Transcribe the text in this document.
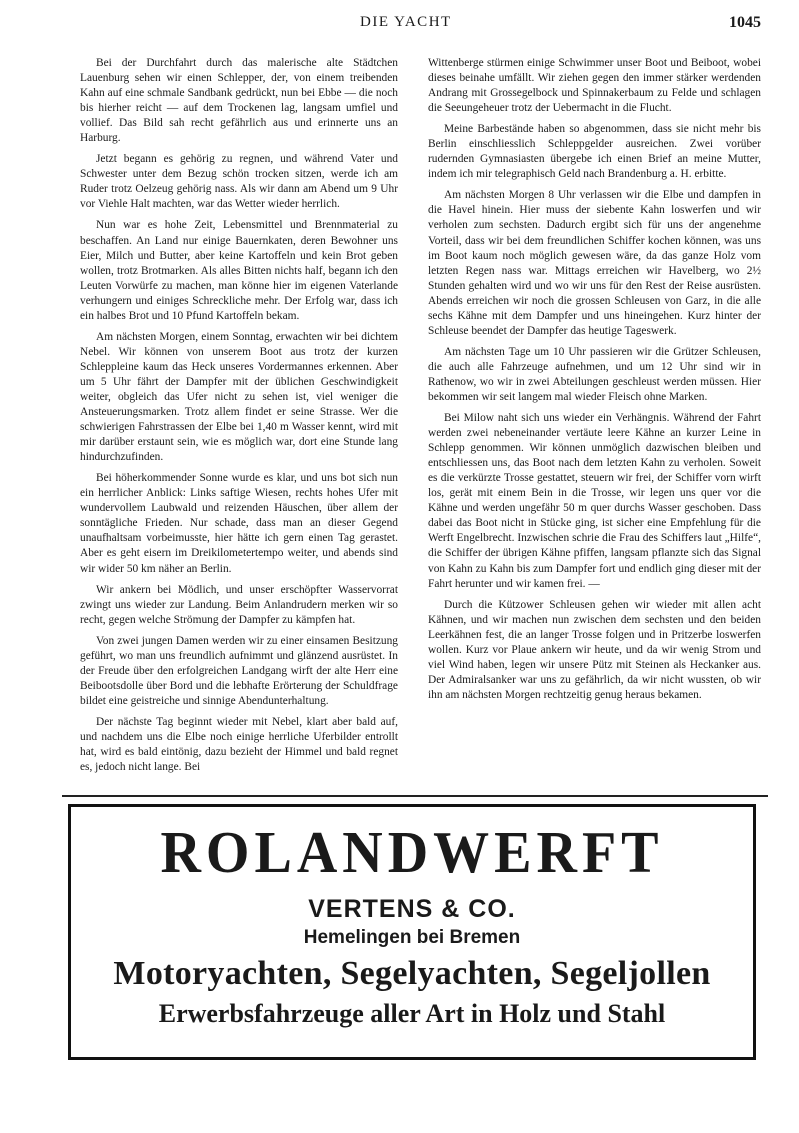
DIE YACHT	1045

Bei der Durchfahrt durch das malerische alte Städtchen Lauenburg sehen wir einen Schlepper, der, von einem treibenden Kahn auf eine schmale Sandbank gedrückt, nun bei Ebbe — die noch bis hierher reicht — auf dem Trockenen lag, langsam umfiel und vollief. Das Bild sah recht gefährlich aus und erinnerte uns an Harburg.

Jetzt begann es gehörig zu regnen, und während Vater und Schwester unter dem Bezug schön trocken sitzen, werde ich am Ruder trotz Oelzeug gehörig nass. Als wir dann am Abend um 9 Uhr vor Viehle Halt machten, war das Wetter wieder herrlich.

Nun war es hohe Zeit, Lebensmittel und Brennmaterial zu beschaffen. An Land nur einige Bauernkaten, deren Bewohner uns Eier, Milch und Butter, aber keine Kartoffeln und kein Brot geben wollen, trotz Brotmarken. Als alles Bitten nichts half, begann ich den Leuten Vorwürfe zu machen, man könne hier im eigenen Vaterlande verhungern und einiges Schreckliche mehr. Der Erfolg war, dass ich ein halbes Brot und 10 Pfund Kartoffeln bekam.

Am nächsten Morgen, einem Sonntag, erwachten wir bei dichtem Nebel. Wir können von unserem Boot aus trotz der kurzen Schleppleine kaum das Heck unseres Vordermannes erkennen. Aber um 5 Uhr fährt der Dampfer mit der üblichen Geschwindigkeit weiter, obgleich das Ufer nicht zu sehen ist, viel weniger die Ansteuerungsmarken. Trotz allem findet er seine Strasse. Wer die schwierigen Fahrstrassen der Elbe bei 1,40 m Wasser kennt, wird mit mir darüber erstaunt sein, wie es möglich war, dort eine Stunde lang hindurchzufinden.

Bei höherkommender Sonne wurde es klar, und uns bot sich nun ein herrlicher Anblick: Links saftige Wiesen, rechts hohes Ufer mit wundervollem Laubwald und reizenden Häuschen, über allem der sonntägliche Frieden. Nur schade, dass man an dieser Gegend unaufhaltsam vorbeimusste, hier hätte ich gern einen Tag gerastet. Aber es geht eisern im Dreikilometertempo weiter, und abends sind wir wider 50 km näher an Berlin.

Wir ankern bei Mödlich, und unser erschöpfter Wasservorrat zwingt uns wieder zur Landung. Beim Anlandrudern merken wir so recht, gegen welche Strömung der Dampfer zu kämpfen hat.

Von zwei jungen Damen werden wir zu einer einsamen Besitzung geführt, wo man uns freundlich aufnimmt und glänzend ausrüstet. In der Freude über den erfolgreichen Landgang wirft der alte Herr eine Beibootsdolle über Bord und die lebhafte Erörterung der Schuldfrage bildet eine geistreiche und sinnige Abendunterhaltung.

Der nächste Tag beginnt wieder mit Nebel, klart aber bald auf, und nachdem uns die Elbe noch einige herrliche Uferbilder entrollt hat, wird es bald eintönig, dazu bezieht der Himmel und bald regnet es, jedoch nicht lange. Bei

Wittenberge stürmen einige Schwimmer unser Boot und Beiboot, wobei dieses beinahe umfällt. Wir ziehen gegen den immer stärker werdenden Andrang mit Grossegelbock und Spinnakerbaum zu Felde und schlagen die Seeungeheuer trotz der Uebermacht in die Flucht.

Meine Barbestände haben so abgenommen, dass sie nicht mehr bis Berlin einschliesslich Schleppgelder ausreichen. Zwei vorüber rudernden Gymnasiasten übergebe ich einen Brief an meine Mutter, indem ich mir telegraphisch Geld nach Brandenburg a. H. erbitte.

Am nächsten Morgen 8 Uhr verlassen wir die Elbe und dampfen in die Havel hinein. Hier muss der siebente Kahn loswerfen und wir verholen zum sechsten. Dadurch ergibt sich für uns der angenehme Vorteil, dass wir bei dem freundlichen Schiffer kochen können, was uns im Boot kaum noch möglich gewesen wäre, da das ganze Holz vom letzten Regen nass war. Mittags erreichen wir Havelberg, wo 2½ Stunden gehalten wird und wo wir uns für den Rest der Reise ausrüsten. Abends erreichen wir noch die grossen Schleusen von Garz, in die alle sechs Kähne mit dem Dampfer und uns hineingehen. Kurz hinter der Schleuse beendet der Dampfer das heutige Tageswerk.

Am nächsten Tage um 10 Uhr passieren wir die Grützer Schleusen, die auch alle Fahrzeuge aufnehmen, und um 12 Uhr sind wir in Rathenow, wo wir in zwei Abteilungen geschleust werden müssen. Hier bekommen wir seit langem mal wieder Fleisch ohne Marken.

Bei Milow naht sich uns wieder ein Verhängnis. Während der Fahrt werden zwei nebeneinander vertäute leere Kähne an kurzer Leine in Schlepp genommen. Wir können unmöglich dazwischen bleiben und entschliessen uns, das Boot nach dem letzten Kahn zu verholen. Soweit es die verkürzte Trosse gestattet, steuern wir frei, der Schiffer vorn wirft los, gerät mit einem Bein in die Trosse, wir legen uns quer vor die Kähne und werden ungefähr 50 m quer durchs Wasser geschoben. Dass dabei das Boot nicht in Stücke ging, ist sicher eine Empfehlung für die Werft Engelbrecht. Inzwischen schrie die Frau des Schiffers laut „Hilfe“, die Schiffer der übrigen Kähne pfiffen, langsam pflanzte sich das Signal von Kahn zu Kahn bis zum Dampfer fort und endlich ging dieser mit der Fahrt herunter und wir kamen frei. —

Durch die Kützower Schleusen gehen wir wieder mit allen acht Kähnen, und wir machen nun zwischen dem sechsten und den beiden Leerkähnen fest, die an langer Trosse folgen und in Pritzerbe loswerfen wollen. Kurz vor Plaue ankern wir heute, und da wir wenig Strom und viel Wind haben, legen wir unsere Pütz mit Steinen als Heckanker aus. Der Admiralsanker war uns zu gefährlich, da wir nicht wussten, ob wir ihn am nächsten Morgen rechtzeitig genug heraus bekamen.

ROLANDWERFT
VERTENS & CO.
Hemelingen bei Bremen
Motoryachten, Segelyachten, Segeljollen
Erwerbsfahrzeuge aller Art in Holz und Stahl
